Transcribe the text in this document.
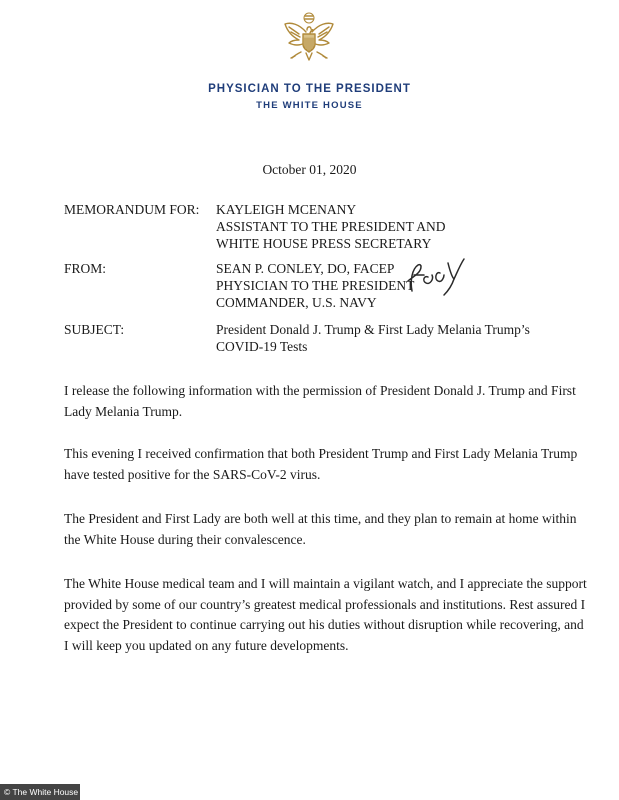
PHYSICIAN TO THE PRESIDENT
THE WHITE HOUSE
October 01, 2020
MEMORANDUM FOR: KAYLEIGH MCENANY
ASSISTANT TO THE PRESIDENT AND
WHITE HOUSE PRESS SECRETARY
FROM:	SEAN P. CONLEY, DO, FACEP
PHYSICIAN TO THE PRESIDENT
COMMANDER, U.S. NAVY
SUBJECT:	President Donald J. Trump & First Lady Melania Trump’s
COVID-19 Tests
I release the following information with the permission of President Donald J. Trump and First
Lady Melania Trump.
This evening I received confirmation that both President Trump and First Lady Melania Trump
have tested positive for the SARS-CoV-2 virus.
The President and First Lady are both well at this time, and they plan to remain at home within
the White House during their convalescence.
The White House medical team and I will maintain a vigilant watch, and I appreciate the support
provided by some of our country’s greatest medical professionals and institutions. Rest assured I
expect the President to continue carrying out his duties without disruption while recovering, and
I will keep you updated on any future developments.
© The White House
